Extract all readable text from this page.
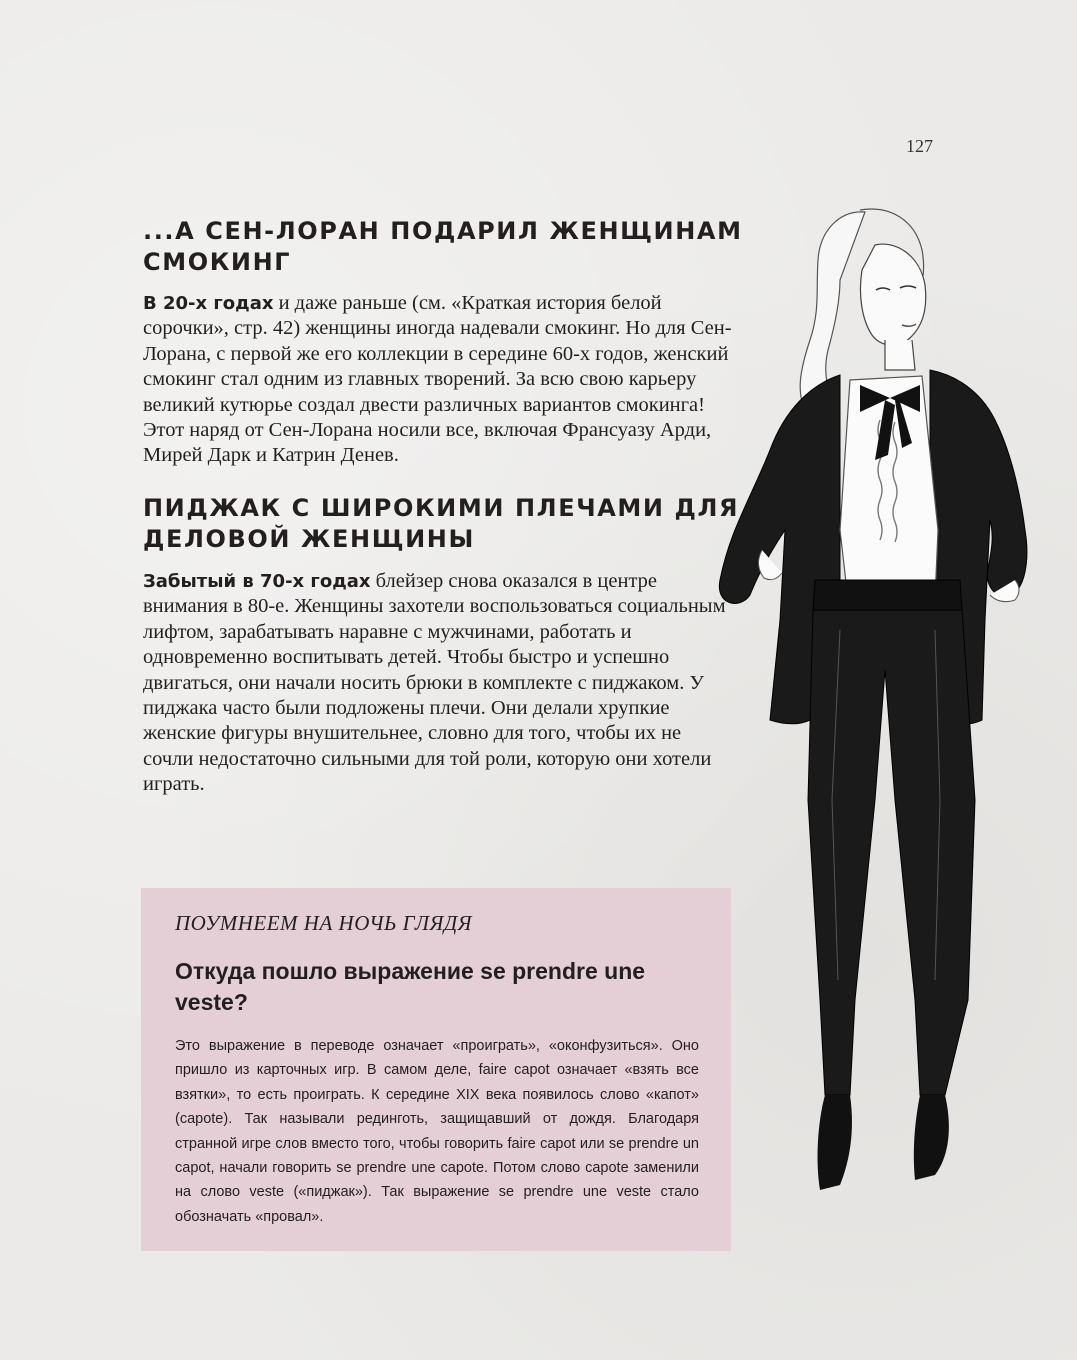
127
...А СЕН-ЛОРАН ПОДАРИЛ ЖЕНЩИНАМ СМОКИНГ

В 20-х годах и даже раньше (см. «Краткая история белой сорочки», стр. 42) женщины иногда надевали смокинг. Но для Сен-Лорана, с первой же его коллекции в середине 60-х годов, женский смокинг стал одним из главных творений. За всю свою карьеру великий кутюрье создал двести различных вариантов смокинга! Этот наряд от Сен-Лорана носили все, включая Франсуазу Арди, Мирей Дарк и Катрин Денев.

ПИДЖАК С ШИРОКИМИ ПЛЕЧАМИ ДЛЯ ДЕЛОВОЙ ЖЕНЩИНЫ

Забытый в 70-х годах блейзер снова оказался в центре внимания в 80-е. Женщины захотели воспользоваться социальным лифтом, зарабатывать наравне с мужчинами, работать и одновременно воспитывать детей. Чтобы быстро и успешно двигаться, они начали носить брюки в комплекте с пиджаком. У пиджака часто были подложены плечи. Они делали хрупкие женские фигуры внушительнее, словно для того, чтобы их не сочли недостаточно сильными для той роли, которую они хотели играть.

ПОУМНЕЕМ НА НОЧЬ ГЛЯДЯ
Откуда пошло выражение se prendre une veste?
Это выражение в переводе означает «проиграть», «оконфузиться». Оно пришло из карточных игр. В самом деле, faire capot означает «взять все взятки», то есть проиграть. К середине XIX века появилось слово «капот» (capote). Так называли рединготь, защищавший от дождя. Благодаря странной игре слов вместо того, чтобы говорить faire capot или se prendre un capot, начали говорить se prendre une capote. Потом слово capote заменили на слово veste («пиджак»). Так выражение se prendre une veste стало обозначать «провал».
